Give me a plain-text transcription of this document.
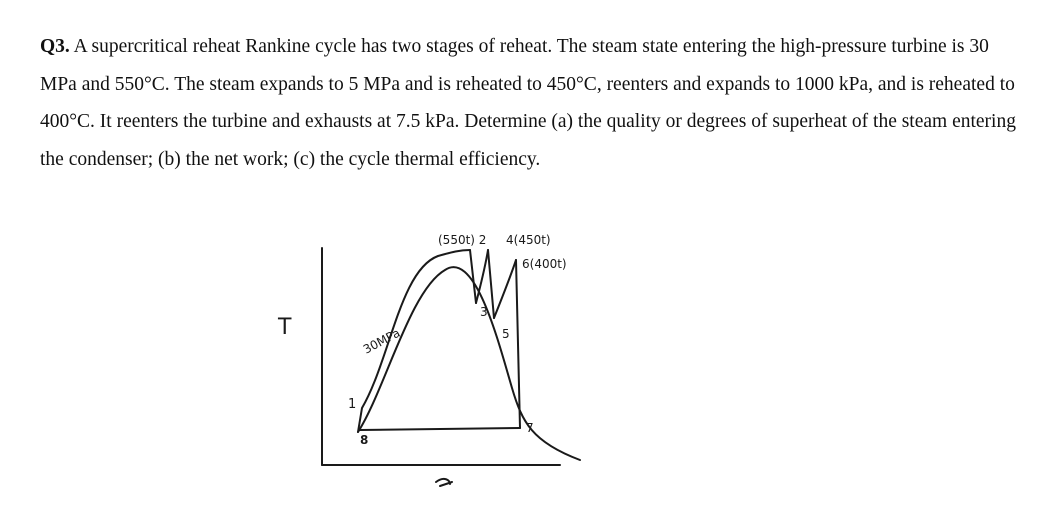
Q3. A supercritical reheat Rankine cycle has two stages of reheat. The steam state entering the high-pressure turbine is 30 MPa and 550°C. The steam expands to 5 MPa and is reheated to 450°C, reenters and expands to 1000 kPa, and is reheated to 400°C. It reenters the turbine and exhausts at 7.5 kPa. Determine (a) the quality or degrees of superheat of the steam entering the condenser; (b) the net work; (c) the cycle thermal efficiency.

T	30MPa
1
(550t) 2
3
4(450t)
5
6(400t)
7
8
